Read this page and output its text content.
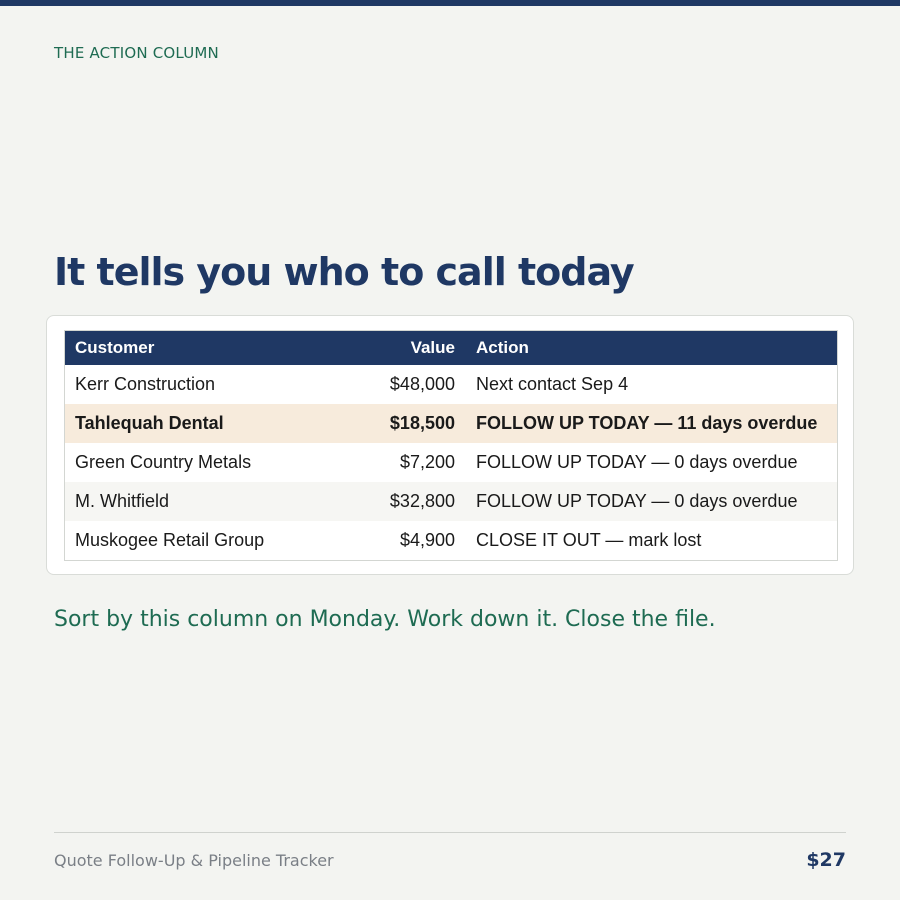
THE ACTION COLUMN
It tells you who to call today
Customer	Value	Action
Kerr Construction	$48,000	Next contact Sep 4
Tahlequah Dental	$18,500	FOLLOW UP TODAY — 11 days overdue
Green Country Metals	$7,200	FOLLOW UP TODAY — 0 days overdue
M. Whitfield	$32,800	FOLLOW UP TODAY — 0 days overdue
Muskogee Retail Group	$4,900	CLOSE IT OUT — mark lost
Sort by this column on Monday. Work down it. Close the file.
Quote Follow-Up & Pipeline Tracker	$27
